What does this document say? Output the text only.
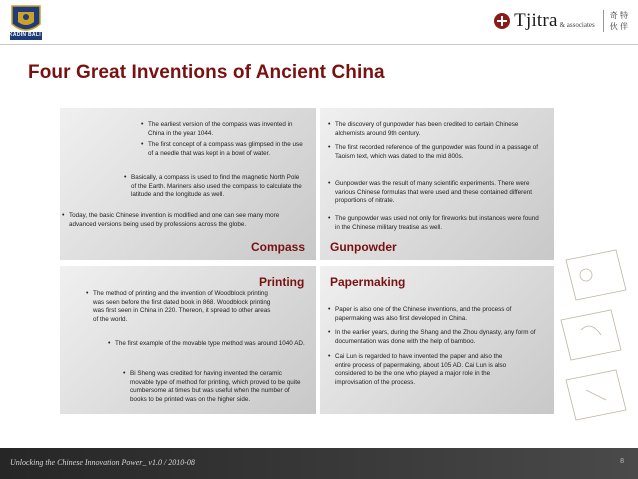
KADIN BALI
Tjitra & associates
奇 特
伙 伴
Four Great Inventions of Ancient China
• The earliest version of the compass was invented in China in the year 1044.
• The first concept of a compass was glimpsed in the use of a needle that was kept in a bowl of water.
• Basically, a compass is used to find the magnetic North Pole of the Earth. Mariners also used the compass to calculate the latitude and the longitude as well.
• Today, the basic Chinese invention is modified and one can see many more advanced versions being used by professions across the globe.
Compass
• The discovery of gunpowder has been credited to certain Chinese alchemists around 9th century.
• The first recorded reference of the gunpowder was found in a passage of Taoism text, which was dated to the mid 800s.
• Gunpowder was the result of many scientific experiments. There were various Chinese formulas that were used and these contained different proportions of nitrate.
• The gunpowder was used not only for fireworks but instances were found in the Chinese military treatise as well.
Gunpowder
Printing
• The method of printing and the invention of Woodblock printing was seen before the first dated book in 868. Woodblock printing was first seen in China in 220. Thereon, it spread to other areas of the world.
• The first example of the movable type method was around 1040 AD.
• Bi Sheng was credited for having invented the ceramic movable type of method for printing, which proved to be quite cumbersome at times but was useful when the number of books to be printed was on the higher side.
Papermaking
• Paper is also one of the Chinese inventions, and the process of papermaking was also first developed in China.
• In the earlier years, during the Shang and the Zhou dynasty, any form of documentation was done with the help of bamboo.
• Cai Lun is regarded to have invented the paper and also the entire process of papermaking, about 105 AD. Cai Lun is also considered to be the one who played a major role in the improvisation of the process.
Unlocking the Chinese Innovation Power_ v1.0 / 2010-08	8
